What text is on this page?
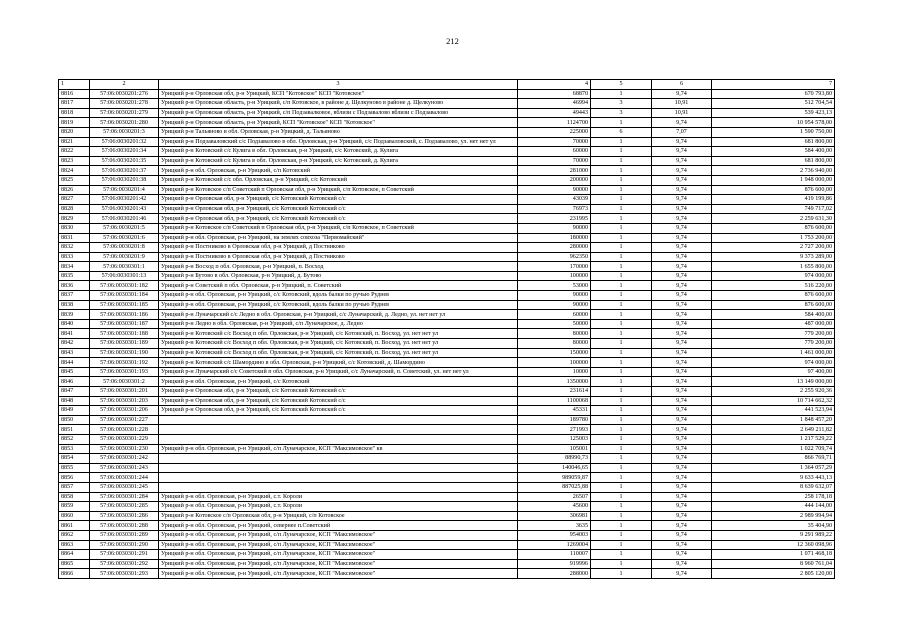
212
1	2	3	4	5	6	7
8816	57:06:0030201:276	Урицкий р-н Орловская обл, р-н Урицкий, КСП "Котовское" КСП "Котовское"	68870	1	9,74	670 793,80
8817	57:06:0030201:278	Урицкий р-н Орловская область, р-н Урицкий, с/п Котовское, в районе д. Щелкуново в районе д. Щелкуново	46994	3	10,91	512 704,54
8818	57:06:0030201:279	Урицкий р-н Орловская область, р-н Урицкий, с/п Подзавалковое, вблизи с Подзавалово вблизи с Подзавалово	49443	3	10,91	539 423,13
8819	57:06:0030201:280	Урицкий р-н Орловская область, р-н Урицкий, КСП "Котовское" КСП "Котовское"	1124700	1	9,74	10 954 578,00
8820	57:06:0030201:3	Урицкий р-н Тальяново в обл. Орловская, р-н Урицкий, д. Тальяново	225000	6	7,07	1 590 750,00
8821	57:06:0030201:32	Урицкий р-н Подзаваловский с/с Подзавалово в обл. Орловская, р-н Урицкий, с/с Подзаваловский, с. Подзавалово, ул. нет нет ул	70000	1	9,74	681 800,00
8822	57:06:0030201:34	Урицкий р-н Котовский с/с Кулига в обл. Орловская, р-н Урицкий, с/с Котовский, д. Кулига	60000	1	9,74	584 400,00
8823	57:06:0030201:35	Урицкий р-н Котовский с/с Кулига в обл. Орловская, р-н Урицкий, с/с Котовский, д. Кулига	70000	1	9,74	681 800,00
8824	57:06:0030201:37	Урицкий р-н обл. Орловская, р-н Урицкий, с/п Котовский	281000	1	9,74	2 736 940,00
8825	57:06:0030201:38	Урицкий р-н Котовский с/с обл. Орловская, р-н Урицкий, с/с Котовский	200000	1	9,74	1 948 000,00
8826	57:06:0030201:4	Урицкий р-н Котовское с/п Советский п Орловская обл, р-н Урицкий, с/п Котовское, п Советский	90000	1	9,74	876 600,00
8827	57:06:0030201:42	Урицкий р-н Орловская обл, р-н Урицкий, с/с Котовский Котовский с/с	43039	1	9,74	419 199,86
8828	57:06:0030201:43	Урицкий р-н Орловская обл, р-н Урицкий, с/с Котовский Котовский с/с	76973	1	9,74	749 717,02
8829	57:06:0030201:46	Урицкий р-н Орловская обл, р-н Урицкий, с/с Котовский Котовский с/с	231995	1	9,74	2 259 631,30
8830	57:06:0030201:5	Урицкий р-н Котовское с/п Советский п Орловская обл, р-н Урицкий, с/п Котовское, п Советский	90000	1	9,74	876 600,00
8831	57:06:0030201:6	Урицкий р-н обл. Орловская, р-н Урицкий, на землях совхоза "Первомайский"	180000	1	9,74	1 753 200,00
8832	57:06:0030201:8	Урицкий р-н Постниково в Орловская обл, р-н Урицкий, д Постниково	280000	1	9,74	2 727 200,00
8833	57:06:0030201:9	Урицкий р-н Постниково в Орловская обл, р-н Урицкий, д Постниково	962350	1	9,74	9 373 289,00
8834	57:06:0030301:1	Урицкий р-н Восход п обл. Орловская, р-н Урицкий, п. Восход	170000	1	9,74	1 655 800,00
8835	57:06:0030301:13	Урицкий р-н Бутово в обл. Орловская, р-н Урицкий, д. Бутово	100000	1	9,74	974 000,00
8836	57:06:0030301:182	Урицкий р-н Советский п обл. Орловская, р-н Урицкий, п. Советский	53000	1	9,74	516 220,00
8837	57:06:0030301:184	Урицкий р-н обл. Орловская, р-н Урицкий, с/с Котовский, вдоль балки по ручью Руднев	90000	1	9,74	876 600,00
8838	57:06:0030301:185	Урицкий р-н обл. Орловская, р-н Урицкий, с/с Котовский, вдоль балки по ручью Руднев	90000	1	9,74	876 600,00
8839	57:06:0030301:186	Урицкий р-н Луначарский с/с Ледно в обл. Орловская, р-н Урицкий, с/с Луначарский, д. Ледно, ул. нет нет ул	60000	1	9,74	584 400,00
8840	57:06:0030301:187	Урицкий р-н Ледно в обл. Орловская, р-н Урицкий, с/п Луначарское, д. Ледно	50000	1	9,74	487 000,00
8841	57:06:0030301:188	Урицкий р-н Котовский с/с Восход п обл. Орловская, р-н Урицкий, с/с Котовский, п. Восход, ул. нет нет ул	80000	1	9,74	779 200,00
8842	57:06:0030301:189	Урицкий р-н Котовский с/с Восход п обл. Орловская, р-н Урицкий, с/с Котовский, п. Восход, ул. нет нет ул	80000	1	9,74	779 200,00
8843	57:06:0030301:190	Урицкий р-н Котовский с/с Восход п обл. Орловская, р-н Урицкий, с/с Котовский, п. Восход, ул. нет нет ул	150000	1	9,74	1 461 000,00
8844	57:06:0030301:192	Урицкий р-н Котовский с/с Шамордино в обл. Орловская, р-н Урицкий, с/с Котовский, д. Шамордино	100000	1	9,74	974 000,00
8845	57:06:0030301:193	Урицкий р-н Луначарский с/с Советский п обл. Орловская, р-н Урицкий, с/с Луначарский, п. Советский, ул. нет нет ул	10000	1	9,74	97 400,00
8846	57:06:0030301:2	Урицкий р-н обл. Орловская, р-н Урицкий, с/с Котовский	1350000	1	9,74	13 149 000,00
8847	57:06:0030301:201	Урицкий р-н Орловская обл, р-н Урицкий, с/с Котовский Котовский с/с	231614	1	9,74	2 255 920,36
8848	57:06:0030301:203	Урицкий р-н Орловская обл, р-н Урицкий, с/с Котовский Котовский с/с	1100068	1	9,74	10 714 662,32
8849	57:06:0030301:206	Урицкий р-н Орловская обл, р-н Урицкий, с/с Котовский Котовский с/с	45331	1	9,74	441 523,94
8850	57:06:0030301:227		189780	1	9,74	1 848 457,20
8851	57:06:0030301:228		271993	1	9,74	2 649 211,82
8852	57:06:0030301:229		125003	1	9,74	1 217 529,22
8853	57:06:0030301:230	Урицкий р-н обл. Орловская, р-н Урицкий, с/п Луначарское, КСП "Максимовское" кв	105001	1	9,74	1 022 709,74
8854	57:06:0030301:242		88990,73	1	9,74	866 769,71
8855	57:06:0030301:243		140046,65	1	9,74	1 364 057,29
8856	57:06:0030301:244		989059,87	1	9,74	9 633 443,13
8857	57:06:0030301:245		887025,88	1	9,74	8 639 632,07
8858	57:06:0030301:284	Урицкий р-н обл. Орловская, р-н Урицкий, с.т. Короли	26507	1	9,74	258 178,18
8859	57:06:0030301:285	Урицкий р-н обл. Орловская, р-н Урицкий, с.т. Короли	45600	1	9,74	444 144,00
8860	57:06:0030301:286	Урицкий р-н Котовское с/п Орловская обл, р-н Урицкий, с/п Котовское	306981	1	9,74	2 989 994,94
8861	57:06:0030301:288	Урицкий р-н обл. Орловская, р-н Урицкий, севернее п.Советский	3635	1	9,74	35 404,90
8862	57:06:0030301:289	Урицкий р-н обл. Орловская, р-н Урицкий, с/п Луначарское, КСП "Максимовское"	954003	1	9,74	9 291 989,22
8863	57:06:0030301:290	Урицкий р-н обл. Орловская, р-н Урицкий, с/п Луначарское, КСП "Максимовское"	1269004	1	9,74	12 360 098,96
8864	57:06:0030301:291	Урицкий р-н обл. Орловская, р-н Урицкий, с/п Луначарское, КСП "Максимовское"	110007	1	9,74	1 071 468,18
8865	57:06:0030301:292	Урицкий р-н обл. Орловская, р-н Урицкий, с/п Луначарское, КСП "Максимовское"	919996	1	9,74	8 960 761,04
8866	57:06:0030301:293	Урицкий р-н обл. Орловская, р-н Урицкий, с/п Луначарское, КСП "Максимовское"	288000	1	9,74	2 805 120,00
